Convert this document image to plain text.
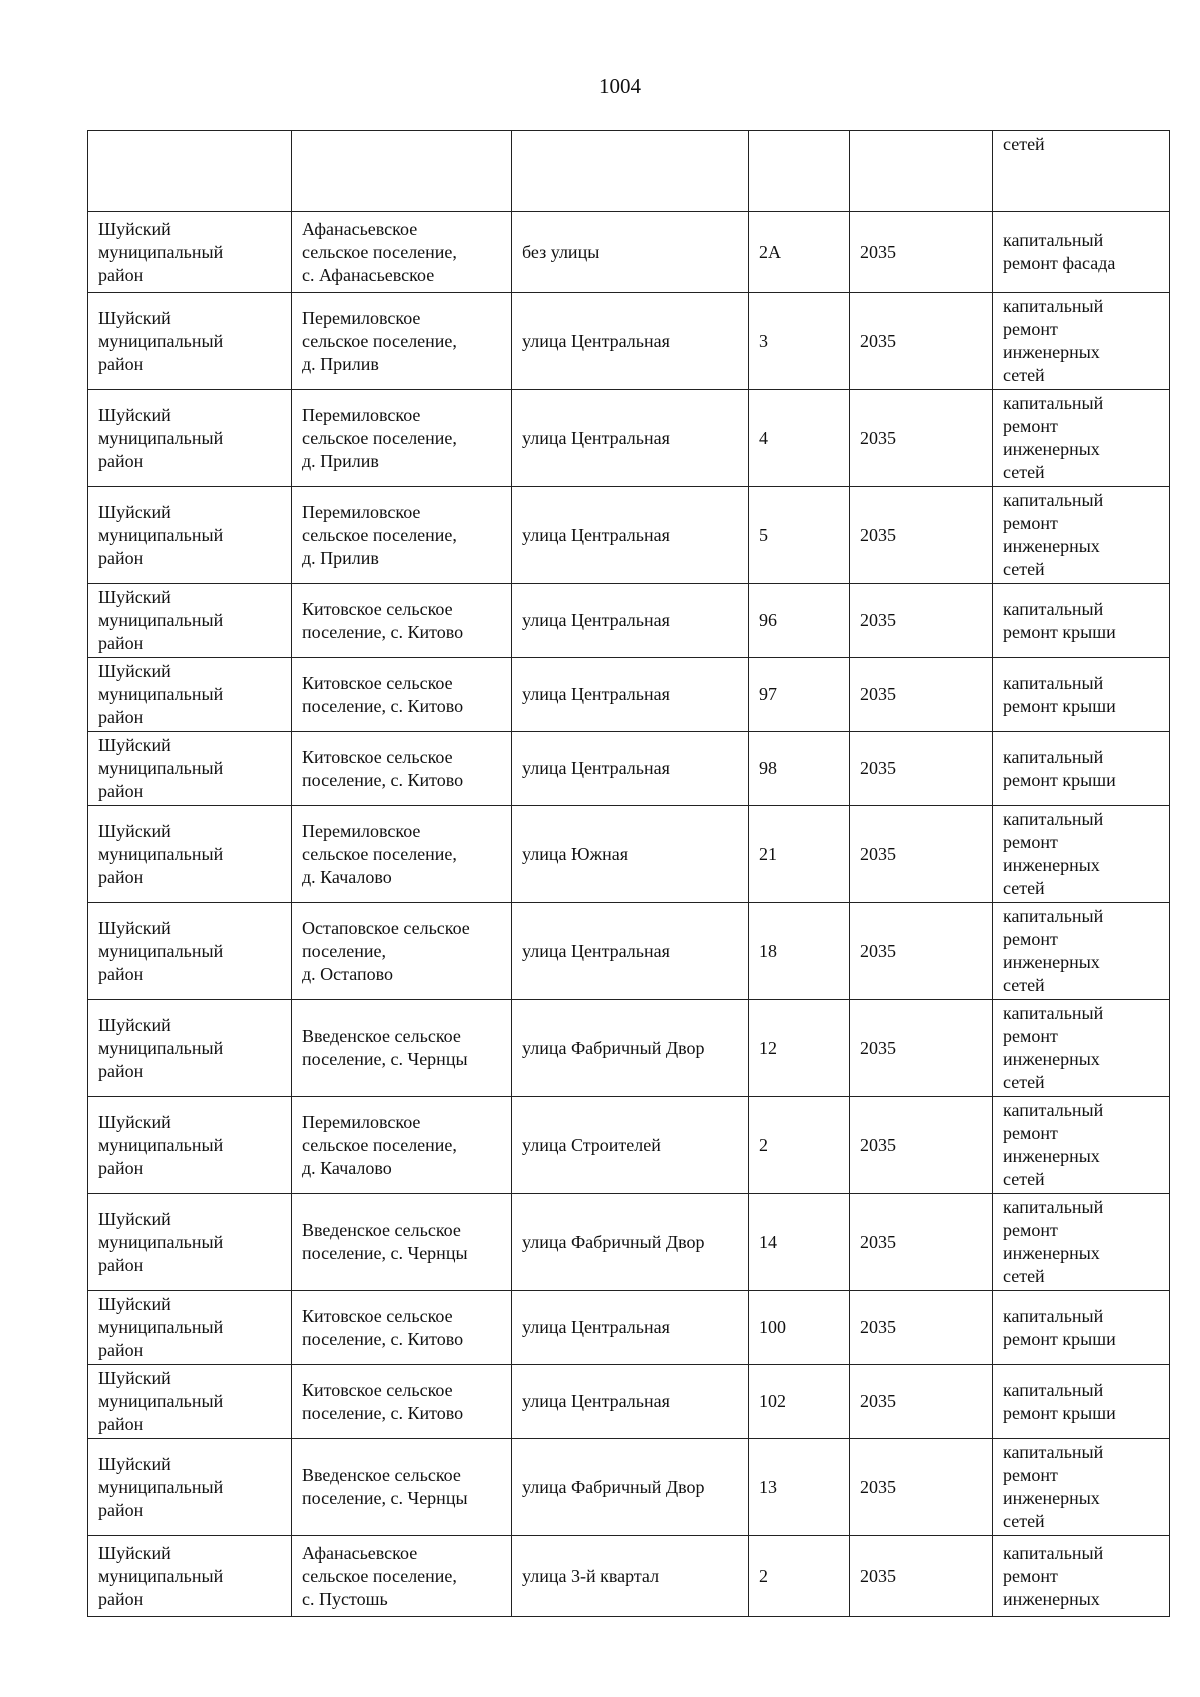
1004
					сетей
Шуйский
муниципальный
район	Афанасьевское
сельское поселение,
с. Афанасьевское	без улицы	2А	2035	капитальный
ремонт фасада
Шуйский
муниципальный
район	Перемиловское
сельское поселение,
д. Прилив	улица Центральная	3	2035	капитальный
ремонт
инженерных
сетей
Шуйский
муниципальный
район	Перемиловское
сельское поселение,
д. Прилив	улица Центральная	4	2035	капитальный
ремонт
инженерных
сетей
Шуйский
муниципальный
район	Перемиловское
сельское поселение,
д. Прилив	улица Центральная	5	2035	капитальный
ремонт
инженерных
сетей
Шуйский
муниципальный
район	Китовское сельское
поселение, с. Китово	улица Центральная	96	2035	капитальный
ремонт крыши
Шуйский
муниципальный
район	Китовское сельское
поселение, с. Китово	улица Центральная	97	2035	капитальный
ремонт крыши
Шуйский
муниципальный
район	Китовское сельское
поселение, с. Китово	улица Центральная	98	2035	капитальный
ремонт крыши
Шуйский
муниципальный
район	Перемиловское
сельское поселение,
д. Качалово	улица Южная	21	2035	капитальный
ремонт
инженерных
сетей
Шуйский
муниципальный
район	Остаповское сельское
поселение,
д. Остапово	улица Центральная	18	2035	капитальный
ремонт
инженерных
сетей
Шуйский
муниципальный
район	Введенское сельское
поселение, с. Чернцы	улица Фабричный Двор	12	2035	капитальный
ремонт
инженерных
сетей
Шуйский
муниципальный
район	Перемиловское
сельское поселение,
д. Качалово	улица Строителей	2	2035	капитальный
ремонт
инженерных
сетей
Шуйский
муниципальный
район	Введенское сельское
поселение, с. Чернцы	улица Фабричный Двор	14	2035	капитальный
ремонт
инженерных
сетей
Шуйский
муниципальный
район	Китовское сельское
поселение, с. Китово	улица Центральная	100	2035	капитальный
ремонт крыши
Шуйский
муниципальный
район	Китовское сельское
поселение, с. Китово	улица Центральная	102	2035	капитальный
ремонт крыши
Шуйский
муниципальный
район	Введенское сельское
поселение, с. Чернцы	улица Фабричный Двор	13	2035	капитальный
ремонт
инженерных
сетей
Шуйский
муниципальный
район	Афанасьевское
сельское поселение,
с. Пустошь	улица 3-й квартал	2	2035	капитальный
ремонт
инженерных
